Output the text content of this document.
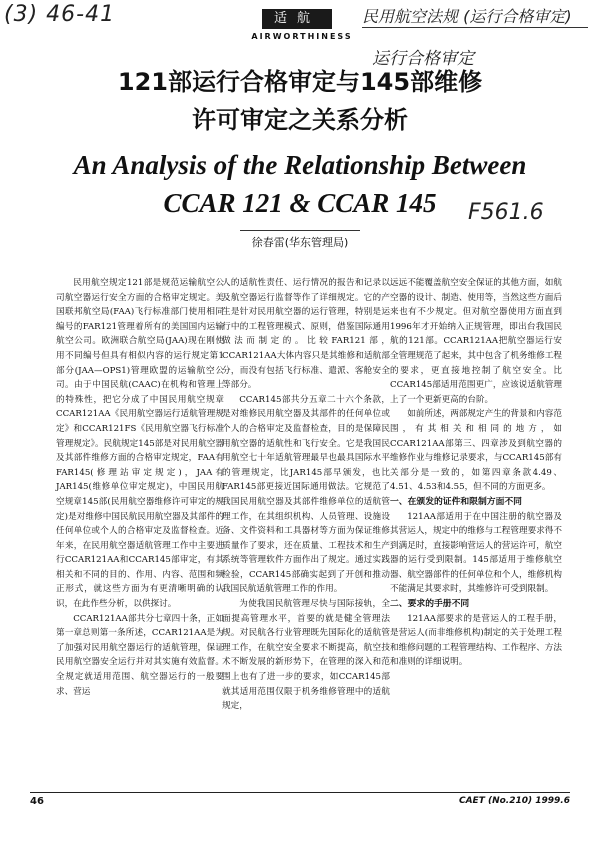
(3) 46-41	民用航空法规 (运行合格审定)
运行合格审定
F561.6
适航
AIRWORTHINESS
121部运行合格审定与145部维修
许可审定之关系分析
An Analysis of the Relationship Between
CCAR 121 & CCAR 145
徐春雷(华东管理局)

民用航空规定121部是规范运输航空公司航空器运行安全方面的合格审定规定。美国联邦航空局(FAA)飞行标准部门使用相同编号的FAR121管理着所有的美国国内运输航空公司。欧洲联合航空局(JAA)现在刚使用不同编号但具有相似内容的运行规定第1部分(JAA—OPS1)管理欧盟的运输航空公司。由于中国民航(CAAC)在机构和管理上的特殊性，把它分成了中国民用航空规章CCAR121AA《民用航空器运行适航管理规定》和CCAR121FS《民用航空器飞行标准管理规定》。民航规定145部是对民用航空器及其部件维修方面的合格审定规定，FAA有FAR145(修理站审定规定)，JAA有JAR145(维修单位审定规定)，中国民用航空规章145部(民用航空器维修许可审定的规定)是对维修中国民航民用航空器及其部件的任何单位或个人的合格审定及监督检查。近年来，在民用航空器适航管理工作中主要进行CCAR121AA和CCAR145部审定，有其相关和不同的目的、作用、内容、范围和频正形式，就这些方面为有更清晰明确的认识，在此作些分析，以供探讨。

CCAR121AA部共分七章四十条，正如第一章总则第一条所述，CCAR121AA是为了加强对民用航空器运行的适航管理，保证民用航空器安全运行并对其实施有效监督。全规定就适用范围、航空器运行的一般要求、营运

人的适航性责任、运行情况的报告和记录以及航空器运行监督等作了详细规定。它的产生是针对民用航空器的运行管理，特别是运行中的工程管理模式、原则，借鉴国际通用做法而制定的。比较FAR121部，CCAR121AA大体内容只是其维修和适航部分，而没有包括飞行标准、遣派、客舱安全等部分。

CCAR145部共分五章二十六个条款，是对维修民用航空器及其部件的任何单位或个人的合格审定及监督检查，目的是保障民用航空器的适航性和飞行安全。它是我国民用航空七十年适航管理最早也最具国际水平的管理规定，比JAR145部早颁发，也比FAR145部更接近国际通用做法。它规范了我国民用航空器及其部件维修单位的适航管理工作，在其组织机构、人员管理、设施设备、文件资料和工具器材等方面为保证维修质量作了要求，还在质量、工程技术和生产系统等管理软件方面作出了规定。通过实践检验，CCAR145部确实起到了开创和推动我国民航适航管理工作的作用。

为使我国民航管理尽快与国际接轨，全面提高管理水平，首要的就是健全管理法规。对民航各行业管理既先国际化的适航管理工作，在航空安全要求不断提高，航空技术不断发展的新形势下，在管理的深入和范围上也有了进一步的要求，如CCAR145部就其适用范围仅限于机务维修管理中的适航规定，

远远不能覆盖航空安全保证的其他方面，如航空器的设计、制造、使用等，当然这些方面后来也有不少规定。但对航空器使用方面直到1996年才开始纳入正规管理，即出台我国民航的121部。CCAR121AA把航空器运行安全管理规范了起来，其中包含了机务维修工程的要求，更直接地控制了航空安全。比CCAR145部适用范围更广，应该说适航管理上了一个更新更高的台阶。

如前所述，两部规定产生的背景和内容范围，有其相关和相同的地方，如CCAR121AA部第三、四章涉及到航空器的维修作业与维修记录要求，与CCAR145部有关部分是一致的，如第四章条款4.49、4.51、4.53和4.55，但不同的方面更多。

一、在颁发的证件和限制方面不同

121AA部适用于在中国注册的航空器及其营运人，规定中的维修与工程管理要求得不到满足时，直接影响营运人的营运许可，航空器的运行受到限制。145部适用于维修航空器、航空器部件的任何单位和个人，维修机构不能满足其要求时，其维修许可受到限制。

二、要求的手册不同

121AA部要求的是营运人的工程手册，是营运人(而非维修机构)制定的关于处理工程和维修问题的工程管理结构、工作程序、方法和准则的详细说明。

46	CAET (No.210) 1999.6
